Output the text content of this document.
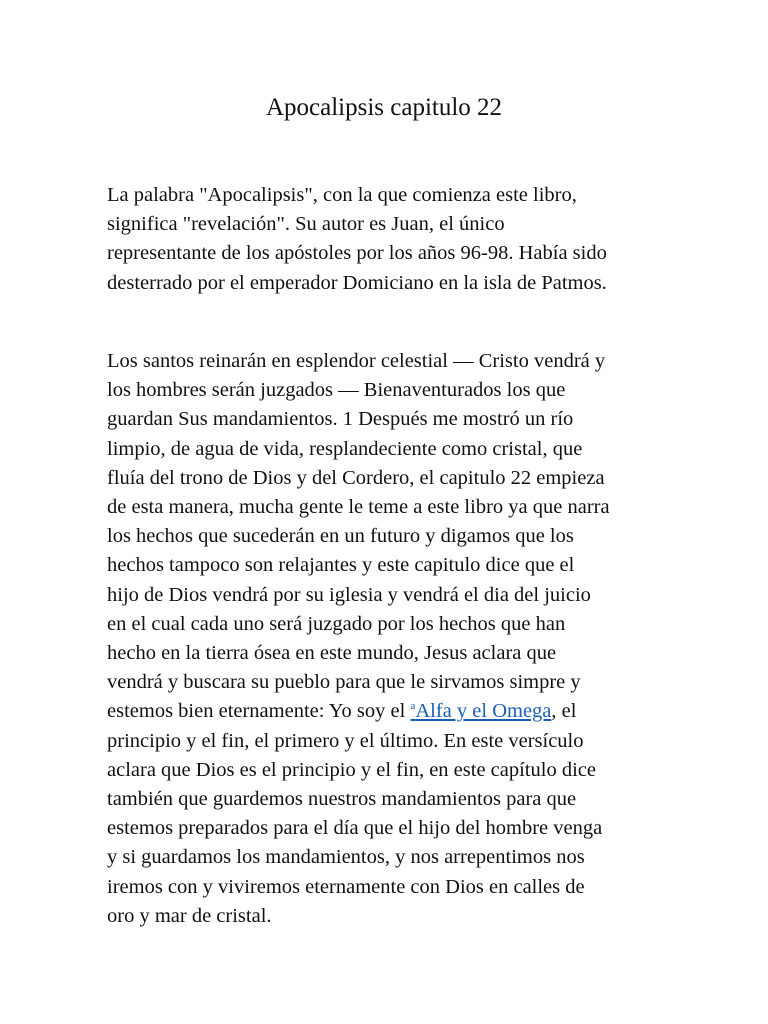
Apocalipsis capitulo 22

La palabra "Apocalipsis", con la que comienza este libro,
significa "revelación". Su autor es Juan, el único
representante de los apóstoles por los años 96-98. Había sido
desterrado por el emperador Domiciano en la isla de Patmos.

Los santos reinarán en esplendor celestial — Cristo vendrá y
los hombres serán juzgados — Bienaventurados los que
guardan Sus mandamientos. 1 Después me mostró un río
limpio, de agua de vida, resplandeciente como cristal, que
fluía del trono de Dios y del Cordero, el capitulo 22 empieza
de esta manera, mucha gente le teme a este libro ya que narra
los hechos que sucederán en un futuro y digamos que los
hechos tampoco son relajantes y este capitulo dice que el
hijo de Dios vendrá por su iglesia y vendrá el dia del juicio
en el cual cada uno será juzgado por los hechos que han
hecho en la tierra ósea en este mundo, Jesus aclara que
vendrá y buscara su pueblo para que le sirvamos simpre y
estemos bien eternamente: Yo soy el $^a$Alfa y el Omega, el
principio y el fin, el primero y el último. En este versículo
aclara que Dios es el principio y el fin, en este capítulo dice
también que guardemos nuestros mandamientos para que
estemos preparados para el día que el hijo del hombre venga
y si guardamos los mandamientos, y nos arrepentimos nos
iremos con y viviremos eternamente con Dios en calles de
oro y mar de cristal.
